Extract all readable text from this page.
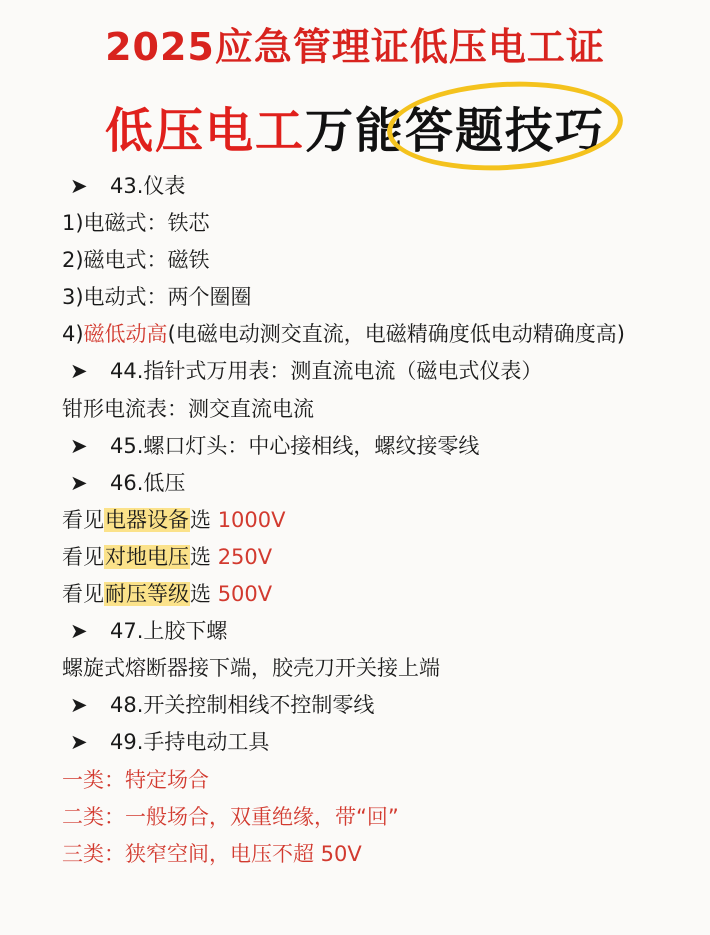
2025应急管理证低压电工证
低压电工万能
答题技巧
➤ 43.仪表
1)电磁式：铁芯
2)磁电式：磁铁
3)电动式：两个圈圈
4)磁低动高(电磁电动测交直流，电磁精确度低电动精确度高)
➤ 44.指针式万用表：测直流电流（磁电式仪表）
钳形电流表：测交直流电流
➤ 45.螺口灯头：中心接相线，螺纹接零线
➤ 46.低压
看见电器设备选 1000V
看见对地电压选 250V
看见耐压等级选 500V
➤ 47.上胶下螺
螺旋式熔断器接下端，胶壳刀开关接上端
➤ 48.开关控制相线不控制零线
➤ 49.手持电动工具
一类：特定场合
二类：一般场合，双重绝缘，带“回”
三类：狭窄空间，电压不超 50V
